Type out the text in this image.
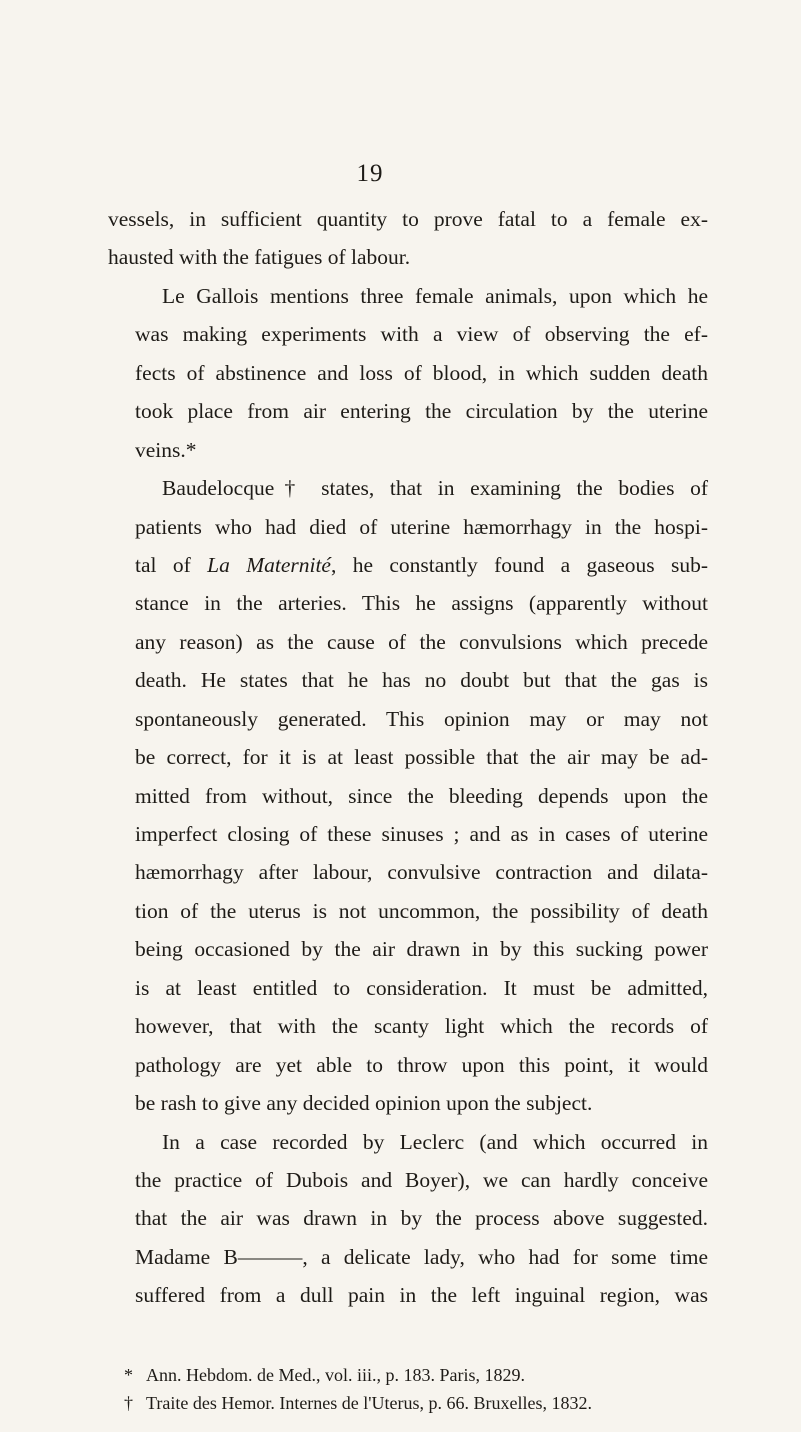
19
vessels, in sufficient quantity to prove fatal to a female ex-
hausted with the fatigues of labour.
Le Gallois mentions three female animals, upon which he
was making experiments with a view of observing the ef-
fects of abstinence and loss of blood, in which sudden death
took place from air entering the circulation by the uterine
veins.*
Baudelocque† states, that in examining the bodies of
patients who had died of uterine hæmorrhagy in the hospi-
tal of La Maternité, he constantly found a gaseous sub-
stance in the arteries. This he assigns (apparently without
any reason) as the cause of the convulsions which precede
death. He states that he has no doubt but that the gas is
spontaneously generated. This opinion may or may not
be correct, for it is at least possible that the air may be ad-
mitted from without, since the bleeding depends upon the
imperfect closing of these sinuses ; and as in cases of uterine
hæmorrhagy after labour, convulsive contraction and dilata-
tion of the uterus is not uncommon, the possibility of death
being occasioned by the air drawn in by this sucking power
is at least entitled to consideration. It must be admitted,
however, that with the scanty light which the records of
pathology are yet able to throw upon this point, it would
be rash to give any decided opinion upon the subject.
In a case recorded by Leclerc (and which occurred in
the practice of Dubois and Boyer), we can hardly conceive
that the air was drawn in by the process above suggested.
Madame B———, a delicate lady, who had for some time
suffered from a dull pain in the left inguinal region, was
* Ann. Hebdom. de Med., vol. iii., p. 183. Paris, 1829.
† Traite des Hemor. Internes de l'Uterus, p. 66. Bruxelles, 1832.
